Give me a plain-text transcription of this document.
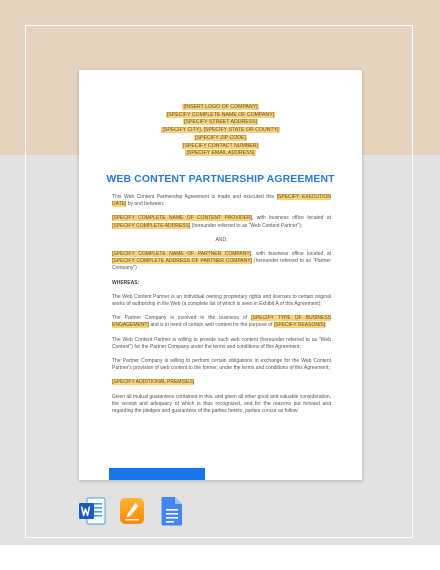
[INSERT LOGO OF COMPANY]
[SPECIFY COMPLETE NAME OF COMPANY]
[SPECIFY STREET ADDRESS]
[SPECIFY CITY], [SPECIFY STATE OR COUNTY]
[SPECIFY ZIP CODE]
[SPECIFY CONTACT NUMBER]
[SPECIFY EMAIL ADDRESS]
WEB CONTENT PARTNERSHIP AGREEMENT

This Web Content Partnership Agreement is made and executed this [SPECIFY EXECUTION DATE] by and between:

[SPECIFY COMPLETE NAME OF CONTENT PROVIDER], with business office located at [SPECIFY COMPLETE ADDRESS] (hereunder referred to as "Web Content Partner");

AND;

[SPECIFY COMPLETE NAME OF PARTNER COMPANY], with business office located at [SPECIFY COMPLETE ADDRESS OF PARTNER COMPANY] (hereunder referred to as "Partner Company")

WHEREAS:

The Web Content Partner is an individual owning proprietary rights and licenses to certain original works of authorship in the Web (a complete list of which is seen in Exhibit A of this Agreement);

The Partner Company is involved in the business of [SPECIFY TYPE OF BUSINESS ENGAGEMENT] and is in need of certain web content for the purpose of [SPECIFY REASON/S];

The Web Content Partner is willing to provide such web content (hereunder referred to as "Web Content") for the Partner Company under the terms and conditions of this Agreement;

The Partner Company is willing to perform certain obligations in exchange for the Web Content Partner's provision of web content to the former, under the terms and conditions of this Agreement;

[SPECIFY ADDITIONAL PREMISES]

Given all mutual guarantees contained in this, and given all other good and valuable consideration, the receipt and adequacy of which is thus recognized, and for the reasons put forward and regarding the pledges and guarantees of the parties hereto, parties concur as follow:
